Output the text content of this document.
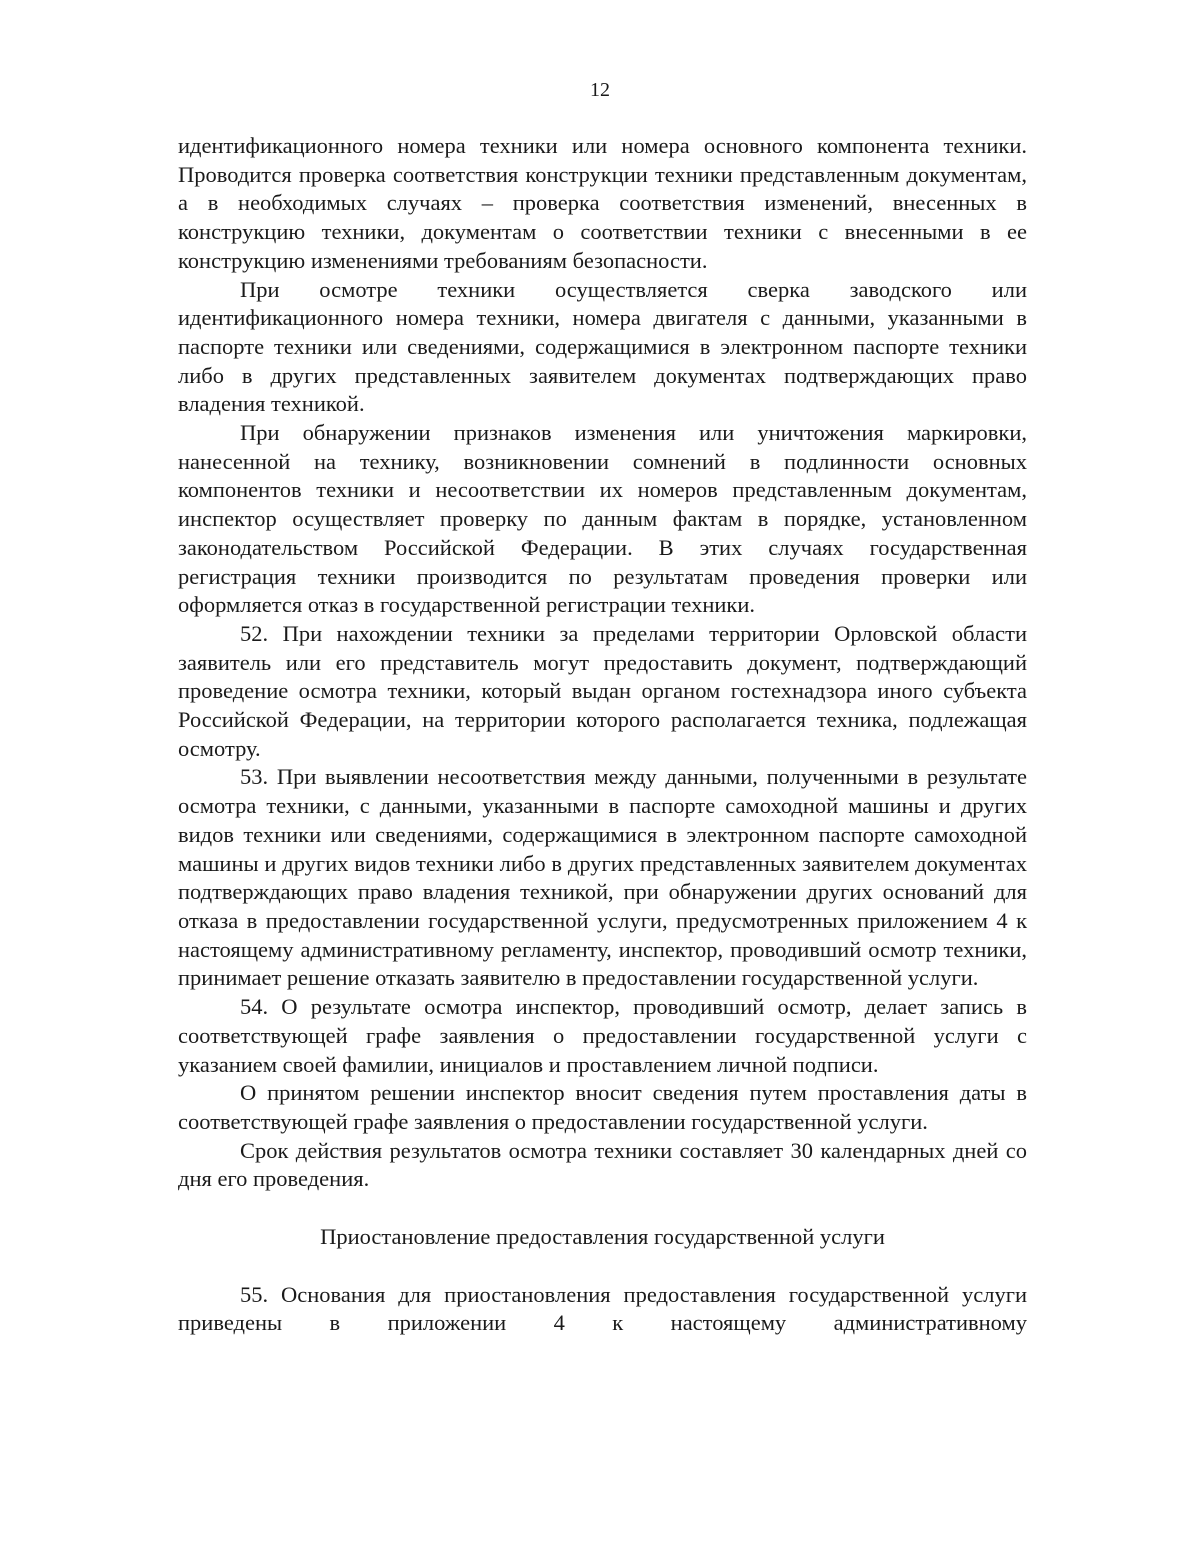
12

идентификационного номера техники или номера основного компонента техники. Проводится проверка соответствия конструкции техники представленным документам, а в необходимых случаях – проверка соответствия изменений, внесенных в конструкцию техники, документам о соответствии техники с внесенными в ее конструкцию изменениями требованиям безопасности.

При осмотре техники осуществляется сверка заводского или идентификационного номера техники, номера двигателя с данными, указанными в паспорте техники или сведениями, содержащимися в электронном паспорте техники либо в других представленных заявителем документах подтверждающих право владения техникой.

При обнаружении признаков изменения или уничтожения маркировки, нанесенной на технику, возникновении сомнений в подлинности основных компонентов техники и несоответствии их номеров представленным документам, инспектор осуществляет проверку по данным фактам в порядке, установленном законодательством Российской Федерации. В этих случаях государственная регистрация техники производится по результатам проведения проверки или оформляется отказ в государственной регистрации техники.

52. При нахождении техники за пределами территории Орловской области заявитель или его представитель могут предоставить документ, подтверждающий проведение осмотра техники, который выдан органом гостехнадзора иного субъекта Российской Федерации, на территории которого располагается техника, подлежащая осмотру.

53. При выявлении несоответствия между данными, полученными в результате осмотра техники, с данными, указанными в паспорте самоходной машины и других видов техники или сведениями, содержащимися в электронном паспорте самоходной машины и других видов техники либо в других представленных заявителем документах подтверждающих право владения техникой, при обнаружении других оснований для отказа в предоставлении государственной услуги, предусмотренных приложением 4 к настоящему административному регламенту, инспектор, проводивший осмотр техники, принимает решение отказать заявителю в предоставлении государственной услуги.

54. О результате осмотра инспектор, проводивший осмотр, делает запись в соответствующей графе заявления о предоставлении государственной услуги с указанием своей фамилии, инициалов и проставлением личной подписи.

О принятом решении инспектор вносит сведения путем проставления даты в соответствующей графе заявления о предоставлении государственной услуги.

Срок действия результатов осмотра техники составляет 30 календарных дней со дня его проведения.

Приостановление предоставления государственной услуги

55. Основания для приостановления предоставления государственной услуги приведены в приложении 4 к настоящему административному
